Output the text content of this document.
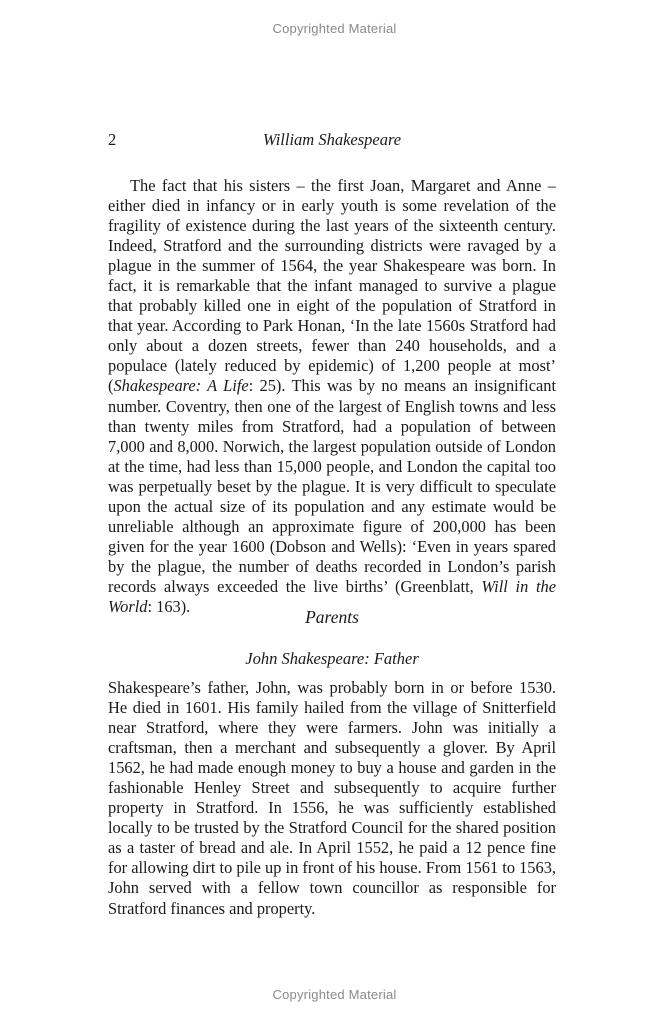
Copyrighted Material
2	William Shakespeare

The fact that his sisters – the first Joan, Margaret and Anne – either died in infancy or in early youth is some revelation of the fragility of existence during the last years of the sixteenth century. Indeed, Stratford and the surrounding districts were ravaged by a plague in the summer of 1564, the year Shakespeare was born. In fact, it is remarkable that the infant managed to survive a plague that probably killed one in eight of the population of Stratford in that year. According to Park Honan, ‘In the late 1560s Stratford had only about a dozen streets, fewer than 240 households, and a populace (lately reduced by epidemic) of 1,200 people at most’ (Shakespeare: A Life: 25). This was by no means an insignificant number. Coventry, then one of the largest of English towns and less than twenty miles from Stratford, had a population of between 7,000 and 8,000. Norwich, the largest population outside of London at the time, had less than 15,000 people, and London the capital too was perpetually beset by the plague. It is very difficult to speculate upon the actual size of its population and any estimate would be unreliable although an approximate figure of 200,000 has been given for the year 1600 (Dobson and Wells): ‘Even in years spared by the plague, the number of deaths recorded in London’s parish records always exceeded the live births’ (Greenblatt, Will in the World: 163).

Parents
John Shakespeare: Father

Shakespeare’s father, John, was probably born in or before 1530. He died in 1601. His family hailed from the village of Snitterfield near Stratford, where they were farmers. John was initially a craftsman, then a merchant and subsequently a glover. By April 1562, he had made enough money to buy a house and garden in the fashionable Henley Street and subsequently to acquire further property in Stratford. In 1556, he was sufficiently established locally to be trusted by the Stratford Council for the shared position as a taster of bread and ale. In April 1552, he paid a 12 pence fine for allowing dirt to pile up in front of his house. From 1561 to 1563, John served with a fellow town councillor as responsible for Stratford finances and property.

Copyrighted Material
